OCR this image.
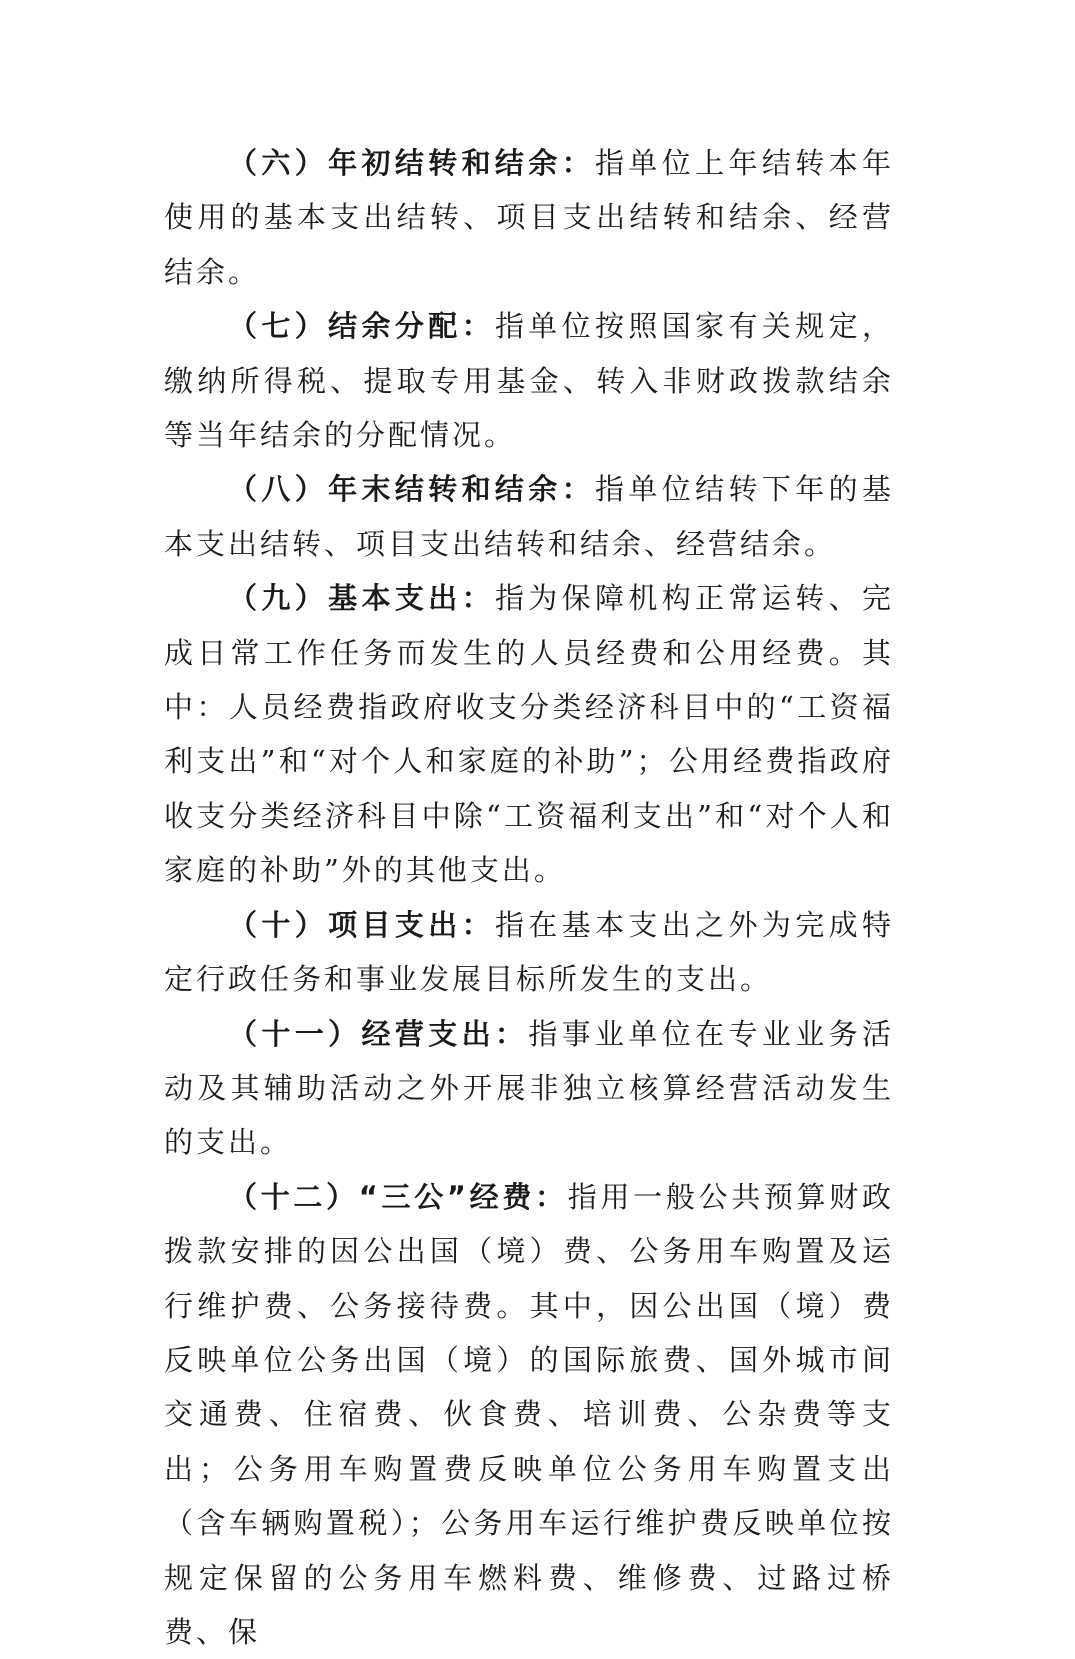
（六）年初结转和结余：指单位上年结转本年使用的基本支出结转、项目支出结转和结余、经营结余。

（七）结余分配：指单位按照国家有关规定，缴纳所得税、提取专用基金、转入非财政拨款结余等当年结余的分配情况。

（八）年末结转和结余：指单位结转下年的基本支出结转、项目支出结转和结余、经营结余。

（九）基本支出：指为保障机构正常运转、完成日常工作任务而发生的人员经费和公用经费。其中：人员经费指政府收支分类经济科目中的“工资福利支出”和“对个人和家庭的补助”；公用经费指政府收支分类经济科目中除“工资福利支出”和“对个人和家庭的补助”外的其他支出。

（十）项目支出：指在基本支出之外为完成特定行政任务和事业发展目标所发生的支出。

（十一）经营支出：指事业单位在专业业务活动及其辅助活动之外开展非独立核算经营活动发生的支出。

（十二）“三公”经费：指用一般公共预算财政拨款安排的因公出国（境）费、公务用车购置及运行维护费、公务接待费。其中，因公出国（境）费反映单位公务出国（境）的国际旅费、国外城市间交通费、住宿费、伙食费、培训费、公杂费等支出；公务用车购置费反映单位公务用车购置支出（含车辆购置税）；公务用车运行维护费反映单位按规定保留的公务用车燃料费、维修费、过路过桥费、保
